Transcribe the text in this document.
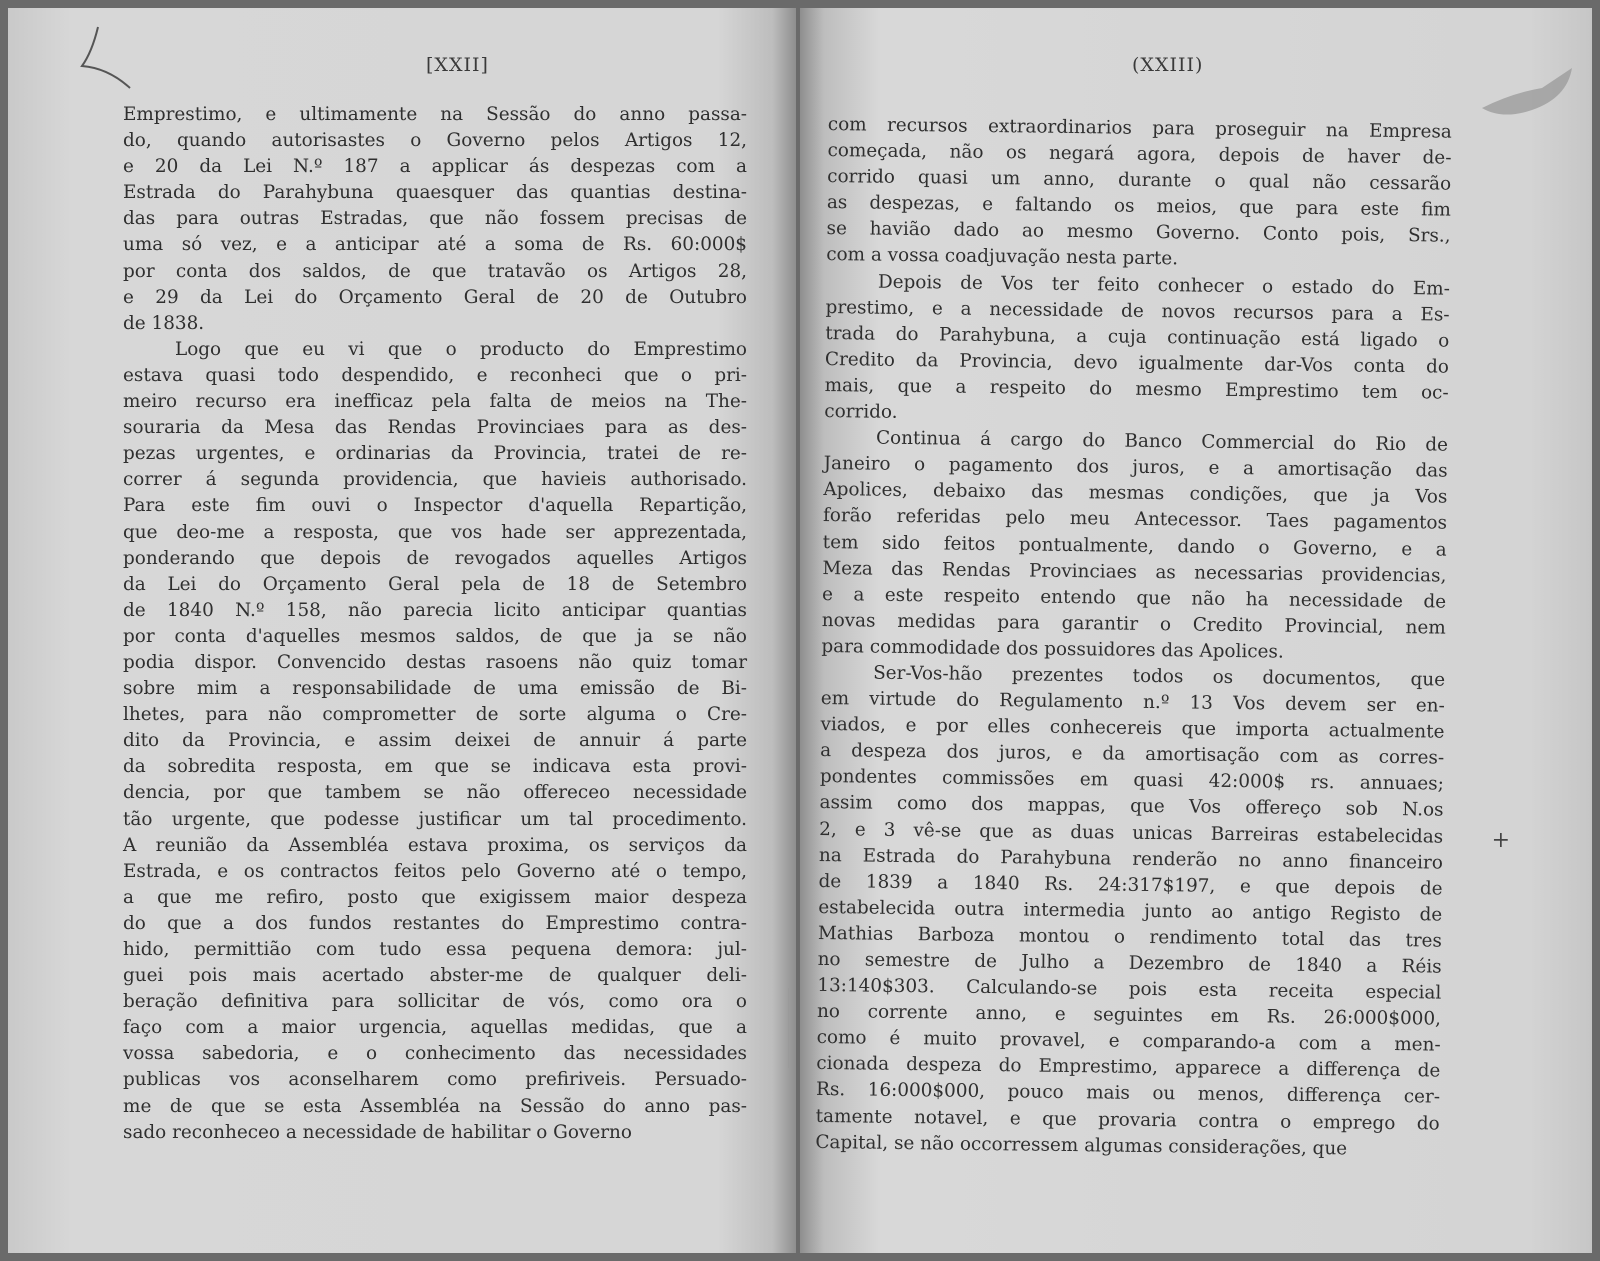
[XXII]
Emprestimo, e ultimamente na Sessão do anno passa-
do, quando autorisastes o Governo pelos Artigos 12,
e 20 da Lei N.º 187 a applicar ás despezas com a
Estrada do Parahybuna quaesquer das quantias destina-
das para outras Estradas, que não fossem precisas de
uma só vez, e a anticipar até a soma de Rs. 60:000$
por conta dos saldos, de que tratavão os Artigos 28,
e 29 da Lei do Orçamento Geral de 20 de Outubro
de 1838.
Logo que eu vi que o producto do Emprestimo
estava quasi todo despendido, e reconheci que o pri-
meiro recurso era inefficaz pela falta de meios na The-
souraria da Mesa das Rendas Provinciaes para as des-
pezas urgentes, e ordinarias da Provincia, tratei de re-
correr á segunda providencia, que havieis authorisado.
Para este fim ouvi o Inspector d'aquella Repartição,
que deo-me a resposta, que vos hade ser apprezentada,
ponderando que depois de revogados aquelles Artigos
da Lei do Orçamento Geral pela de 18 de Setembro
de 1840 N.º 158, não parecia licito anticipar quantias
por conta d'aquelles mesmos saldos, de que ja se não
podia dispor. Convencido destas rasoens não quiz tomar
sobre mim a responsabilidade de uma emissão de Bi-
lhetes, para não comprometter de sorte alguma o Cre-
dito da Provincia, e assim deixei de annuir á parte
da sobredita resposta, em que se indicava esta provi-
dencia, por que tambem se não offereceo necessidade
tão urgente, que podesse justificar um tal procedimento.
A reunião da Assembléa estava proxima, os serviços da
Estrada, e os contractos feitos pelo Governo até o tempo,
a que me refiro, posto que exigissem maior despeza
do que a dos fundos restantes do Emprestimo contra-
hido, permittião com tudo essa pequena demora: jul-
guei pois mais acertado abster-me de qualquer deli-
beração definitiva para sollicitar de vós, como ora o
faço com a maior urgencia, aquellas medidas, que a
vossa sabedoria, e o conhecimento das necessidades
publicas vos aconselharem como prefiriveis. Persuado-
me de que se esta Assembléa na Sessão do anno pas-
sado reconheceo a necessidade de habilitar o Governo
(XXIII)
com recursos extraordinarios para proseguir na Empresa
começada, não os negará agora, depois de haver de-
corrido quasi um anno, durante o qual não cessarão
as despezas, e faltando os meios, que para este fim
se havião dado ao mesmo Governo. Conto pois, Srs.,
com a vossa coadjuvação nesta parte.
Depois de Vos ter feito conhecer o estado do Em-
prestimo, e a necessidade de novos recursos para a Es-
trada do Parahybuna, a cuja continuação está ligado o
Credito da Provincia, devo igualmente dar-Vos conta do
mais, que a respeito do mesmo Emprestimo tem oc-
corrido.
Continua á cargo do Banco Commercial do Rio de
Janeiro o pagamento dos juros, e a amortisação das
Apolices, debaixo das mesmas condições, que ja Vos
forão referidas pelo meu Antecessor. Taes pagamentos
tem sido feitos pontualmente, dando o Governo, e a
Meza das Rendas Provinciaes as necessarias providencias,
e a este respeito entendo que não ha necessidade de
novas medidas para garantir o Credito Provincial, nem
para commodidade dos possuidores das Apolices.
Ser-Vos-hão prezentes todos os documentos, que
em virtude do Regulamento n.º 13 Vos devem ser en-
viados, e por elles conhecereis que importa actualmente
a despeza dos juros, e da amortisação com as corres-
pondentes commissões em quasi 42:000$ rs. annuaes;
assim como dos mappas, que Vos offereço sob N.os
2, e 3 vê-se que as duas unicas Barreiras estabelecidas
na Estrada do Parahybuna renderão no anno financeiro
de 1839 a 1840 Rs. 24:317$197, e que depois de
estabelecida outra intermedia junto ao antigo Registo de
Mathias Barboza montou o rendimento total das tres
no semestre de Julho a Dezembro de 1840 a Réis
13:140$303. Calculando-se pois esta receita especial
no corrente anno, e seguintes em Rs. 26:000$000,
como é muito provavel, e comparando-a com a men-
cionada despeza do Emprestimo, apparece a differença de
Rs. 16:000$000, pouco mais ou menos, differença cer-
tamente notavel, e que provaria contra o emprego do
Capital, se não occorressem algumas considerações, que
+
